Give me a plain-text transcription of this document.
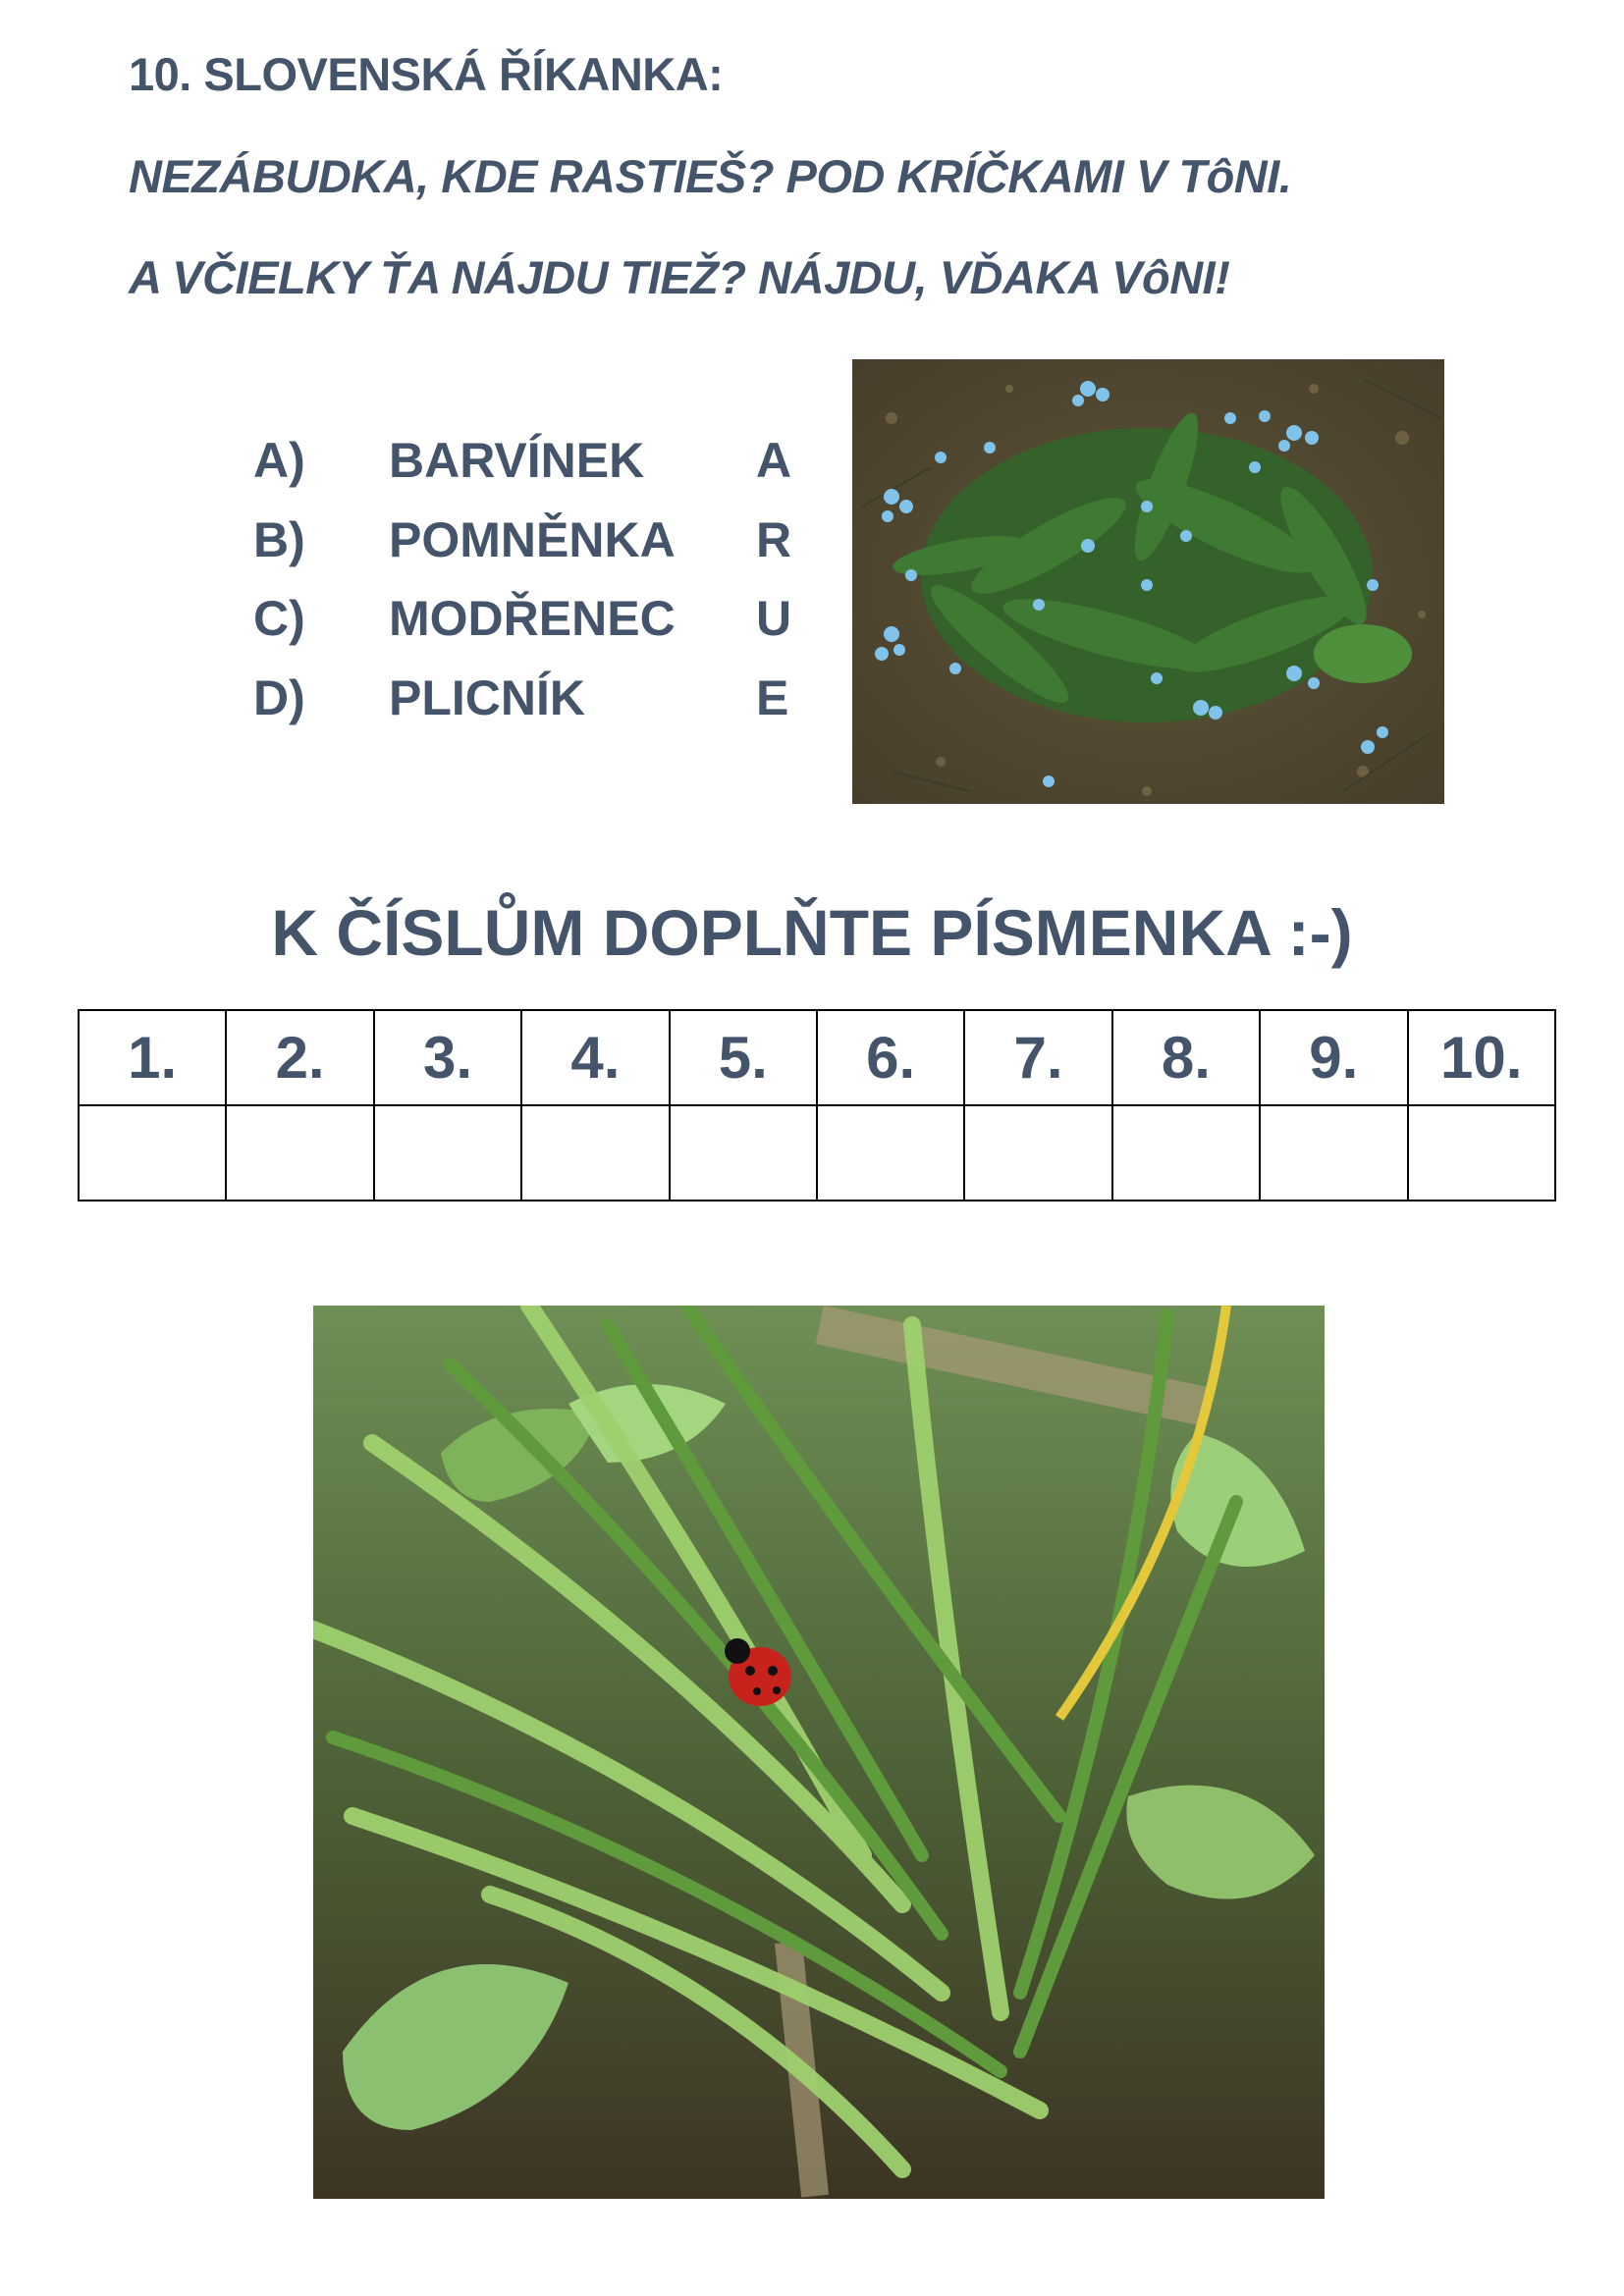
10. SLOVENSKÁ ŘÍKANKA:
NEZÁBUDKA, KDE RASTIEŠ? POD KRÍČKAMI V TôNI.
A VČIELKY ŤA NÁJDU TIEŽ? NÁJDU, VĎAKA VôNI!
A) BARVÍNEK A
B) POMNĚNKA R
C) MODŘENEC U
D) PLICNÍK	E
K ČÍSLŮM DOPLŇTE PÍSMENKA :-)
1.	2.	3.	4.	5.	6.	7.	8.	9.	10.
